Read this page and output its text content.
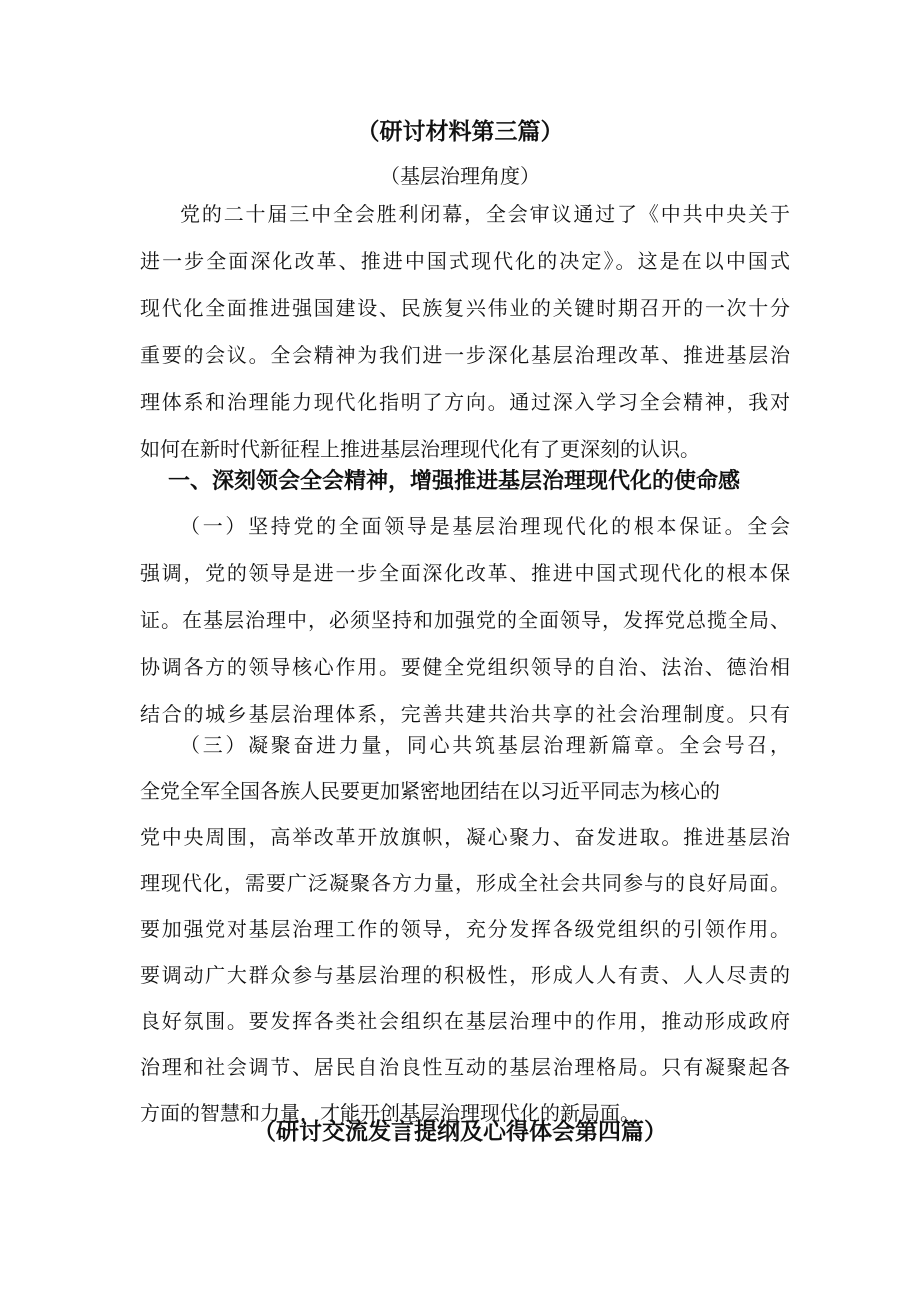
（研讨材料第三篇）
（基层治理角度）
党的二十届三中全会胜利闭幕，全会审议通过了《中共中央关于
进一步全面深化改革、推进中国式现代化的决定》。这是在以中国式
现代化全面推进强国建设、民族复兴伟业的关键时期召开的一次十分
重要的会议。全会精神为我们进一步深化基层治理改革、推进基层治
理体系和治理能力现代化指明了方向。通过深入学习全会精神，我对
如何在新时代新征程上推进基层治理现代化有了更深刻的认识。
一、深刻领会全会精神，增强推进基层治理现代化的使命感
（一）坚持党的全面领导是基层治理现代化的根本保证。全会
强调，党的领导是进一步全面深化改革、推进中国式现代化的根本保
证。在基层治理中，必须坚持和加强党的全面领导，发挥党总揽全局、
协调各方的领导核心作用。要健全党组织领导的自治、法治、德治相
结合的城乡基层治理体系，完善共建共治共享的社会治理制度。只有
（三）凝聚奋进力量，同心共筑基层治理新篇章。全会号召，
全党全军全国各族人民要更加紧密地团结在以习近平同志为核心的
党中央周围，高举改革开放旗帜，凝心聚力、奋发进取。推进基层治
理现代化，需要广泛凝聚各方力量，形成全社会共同参与的良好局面。
要加强党对基层治理工作的领导，充分发挥各级党组织的引领作用。
要调动广大群众参与基层治理的积极性，形成人人有责、人人尽责的
良好氛围。要发挥各类社会组织在基层治理中的作用，推动形成政府
治理和社会调节、居民自治良性互动的基层治理格局。只有凝聚起各
方面的智慧和力量，才能开创基层治理现代化的新局面。
（研讨交流发言提纲及心得体会第四篇）
